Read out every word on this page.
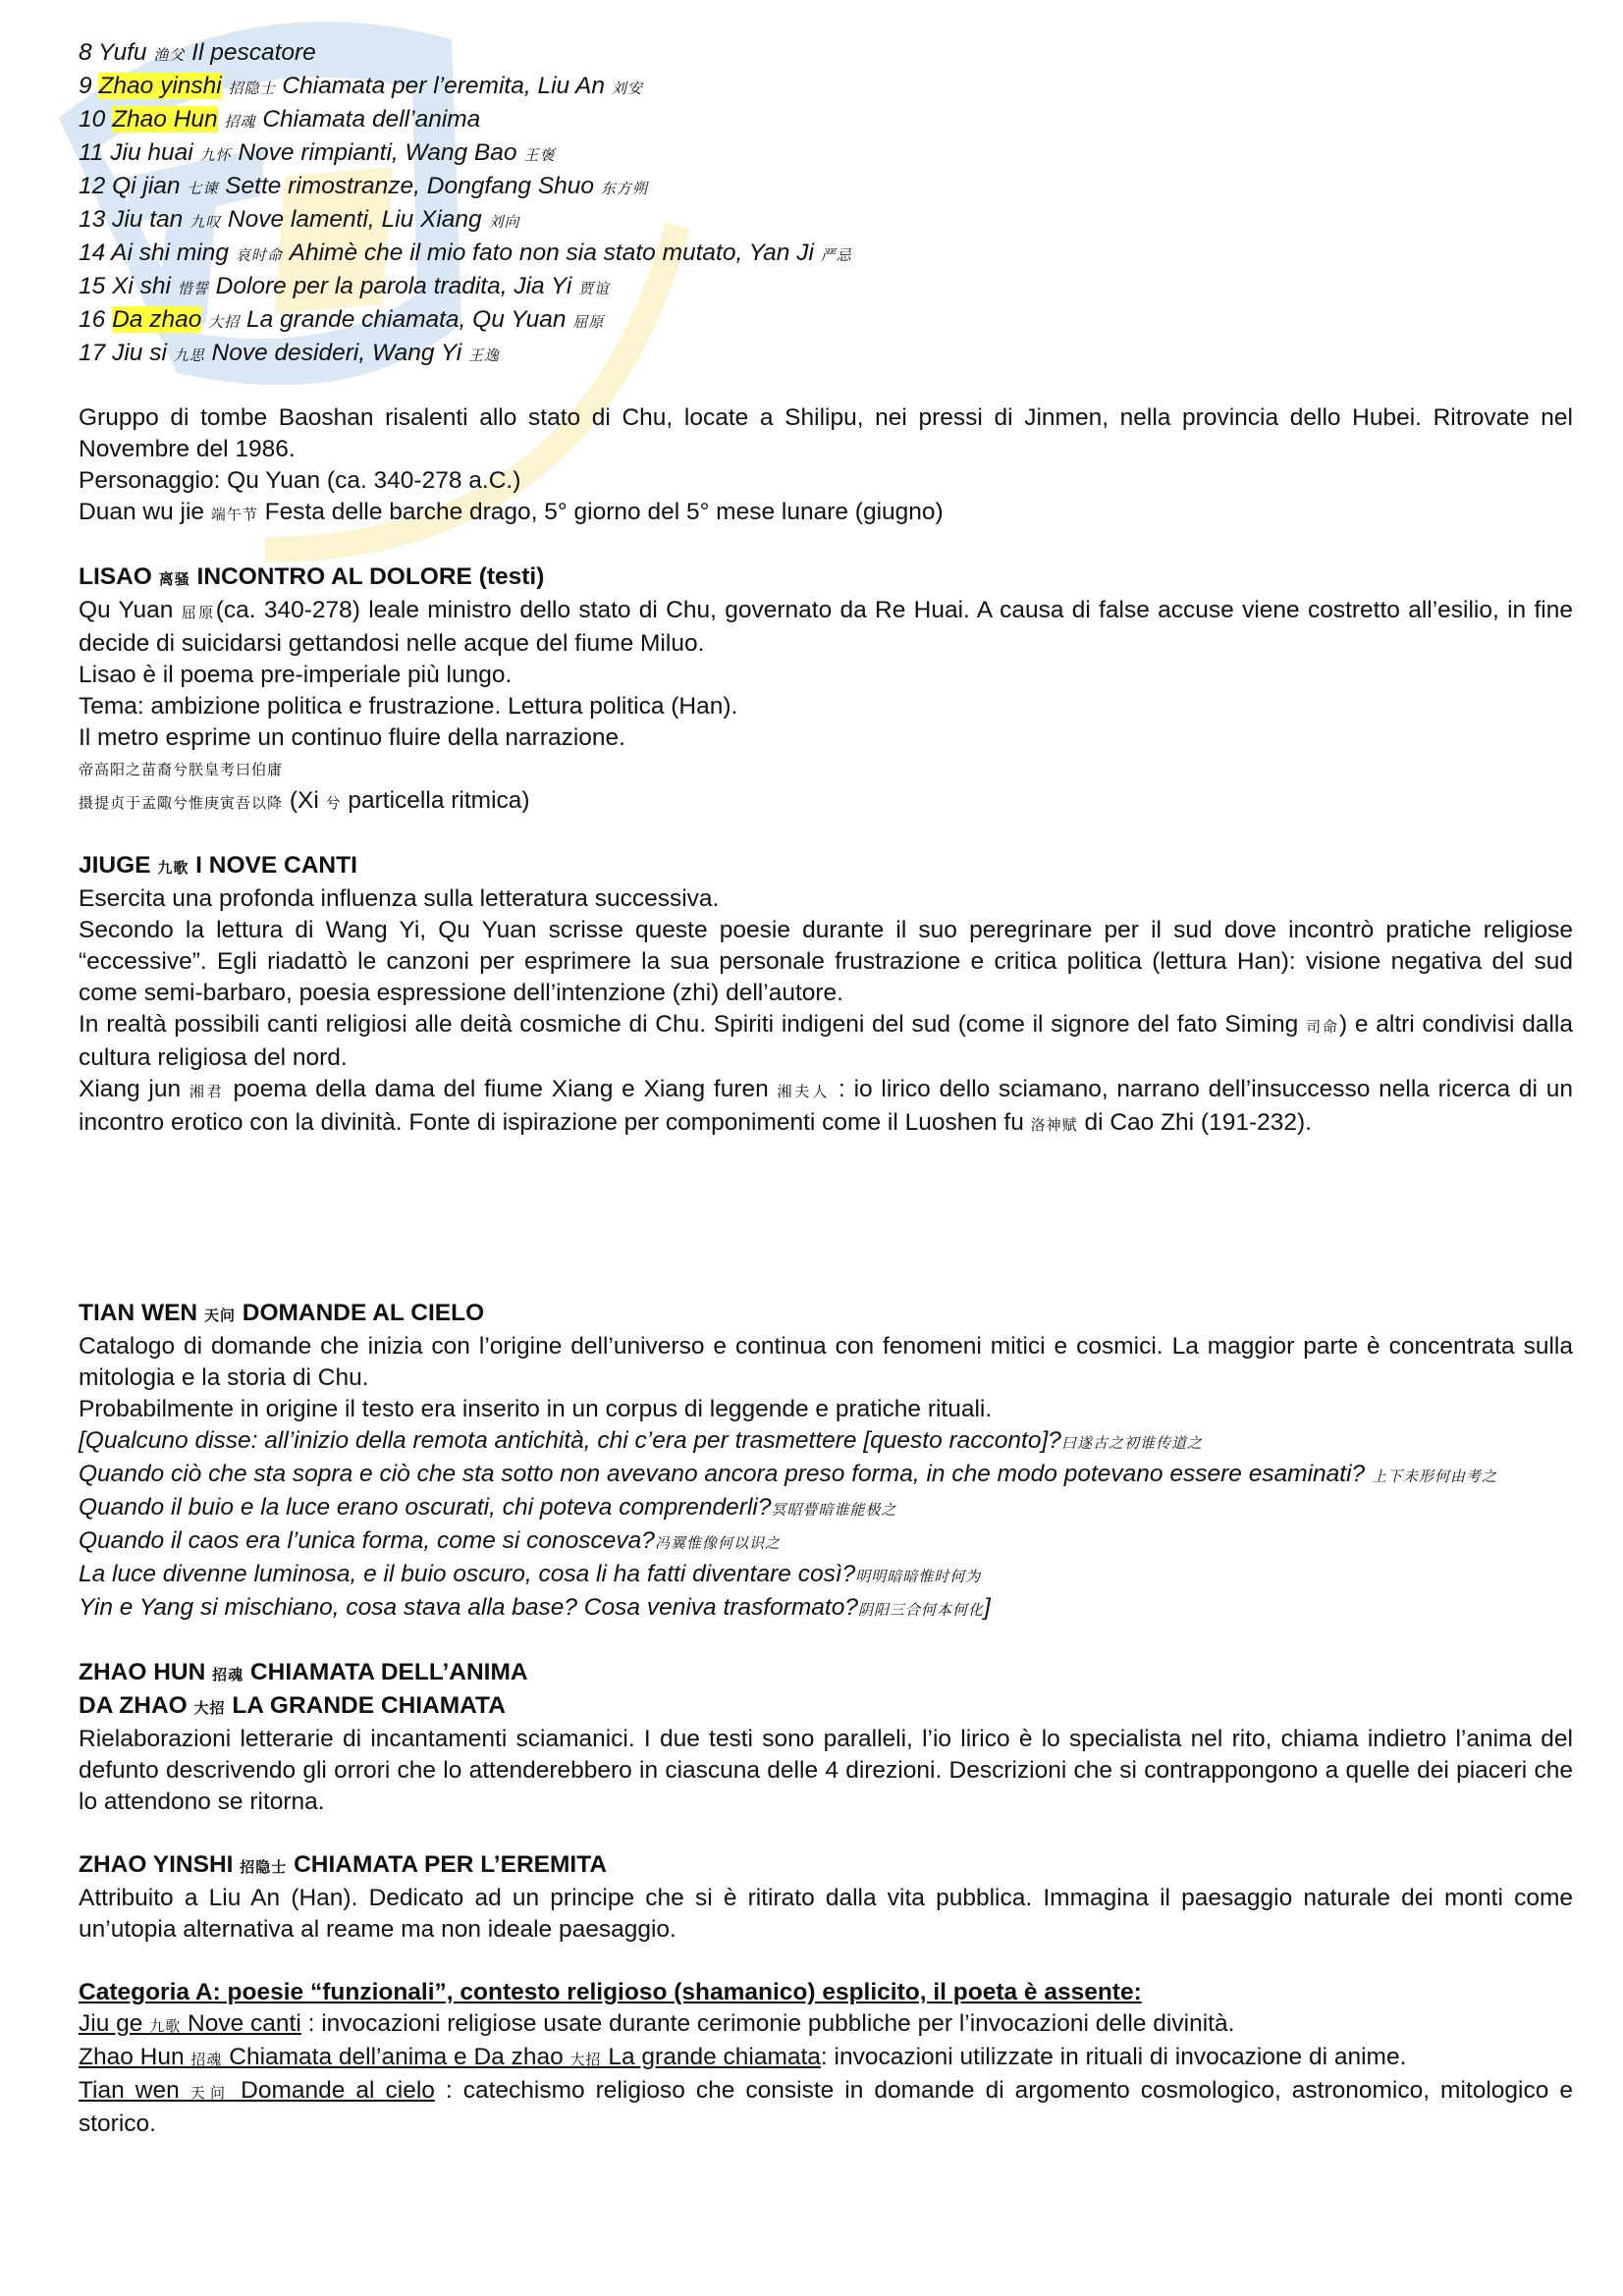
8 Yufu 渔父 Il pescatore
9 Zhao yinshi 招隐士 Chiamata per l’eremita, Liu An 刘安
10 Zhao Hun 招魂 Chiamata dell’anima
11 Jiu huai 九怀 Nove rimpianti, Wang Bao 王褒
12 Qi jian 七谏 Sette rimostranze, Dongfang Shuo 东方朔
13 Jiu tan 九叹 Nove lamenti, Liu Xiang 刘向
14 Ai shi ming 哀时命 Ahimè che il mio fato non sia stato mutato, Yan Ji 严忌
15 Xi shi 惜誓 Dolore per la parola tradita, Jia Yi 贾谊
16 Da zhao 大招 La grande chiamata, Qu Yuan 屈原
17 Jiu si 九思 Nove desideri, Wang Yi 王逸
Gruppo di tombe Baoshan risalenti allo stato di Chu, locate a Shilipu, nei pressi di Jinmen, nella provincia dello Hubei. Ritrovate nel Novembre del 1986.
Personaggio: Qu Yuan (ca. 340-278 a.C.)
Duan wu jie 端午节 Festa delle barche drago, 5° giorno del 5° mese lunare (giugno)
LISAO 离骚 INCONTRO AL DOLORE (testi)
Qu Yuan 屈原(ca. 340-278) leale ministro dello stato di Chu, governato da Re Huai. A causa di false accuse viene costretto all’esilio, in fine decide di suicidarsi gettandosi nelle acque del fiume Miluo.
Lisao è il poema pre-imperiale più lungo.
Tema: ambizione politica e frustrazione. Lettura politica (Han).
Il metro esprime un continuo fluire della narrazione.
帝高阳之苗裔兮朕皇考曰伯庸
摄提贞于孟陬兮惟庚寅吾以降 (Xi 兮 particella ritmica)
JIUGE 九歌 I NOVE CANTI
Esercita una profonda influenza sulla letteratura successiva.
Secondo la lettura di Wang Yi, Qu Yuan scrisse queste poesie durante il suo peregrinare per il sud dove incontrò pratiche religiose “eccessive”. Egli riadattò le canzoni per esprimere la sua personale frustrazione e critica politica (lettura Han): visione negativa del sud come semi-barbaro, poesia espressione dell’intenzione (zhi) dell’autore.
In realtà possibili canti religiosi alle deità cosmiche di Chu. Spiriti indigeni del sud (come il signore del fato Siming 司命) e altri condivisi dalla cultura religiosa del nord.
Xiang jun 湘君 poema della dama del fiume Xiang e Xiang furen 湘夫人 : io lirico dello sciamano, narrano dell’insuccesso nella ricerca di un incontro erotico con la divinità. Fonte di ispirazione per componimenti come il Luoshen fu 洛神赋 di Cao Zhi (191-232).
TIAN WEN 天问 DOMANDE AL CIELO
Catalogo di domande che inizia con l’origine dell’universo e continua con fenomeni mitici e cosmici. La maggior parte è concentrata sulla mitologia e la storia di Chu.
Probabilmente in origine il testo era inserito in un corpus di leggende e pratiche rituali.
[Qualcuno disse: all’inizio della remota antichità, chi c’era per trasmettere [questo racconto]?曰遂古之初谁传道之
Quando ciò che sta sopra e ciò che sta sotto non avevano ancora preso forma, in che modo potevano essere esaminati? 上下未形何由考之
Quando il buio e la luce erano oscurati, chi poteva comprenderli?冥昭瞢暗谁能极之
Quando il caos era l’unica forma, come si conosceva?冯翼惟像何以识之
La luce divenne luminosa, e il buio oscuro, cosa li ha fatti diventare così?明明暗暗惟时何为
Yin e Yang si mischiano, cosa stava alla base? Cosa veniva trasformato?阴阳三合何本何化]
ZHAO HUN 招魂 CHIAMATA DELL’ANIMA
DA ZHAO 大招 LA GRANDE CHIAMATA
Rielaborazioni letterarie di incantamenti sciamanici. I due testi sono paralleli, l’io lirico è lo specialista nel rito, chiama indietro l’anima del defunto descrivendo gli orrori che lo attenderebbero in ciascuna delle 4 direzioni. Descrizioni che si contrappongono a quelle dei piaceri che lo attendono se ritorna.
ZHAO YINSHI 招隐士 CHIAMATA PER L’EREMITA
Attribuito a Liu An (Han). Dedicato ad un principe che si è ritirato dalla vita pubblica. Immagina il paesaggio naturale dei monti come un’utopia alternativa al reame ma non ideale paesaggio.
Categoria A: poesie “funzionali”, contesto religioso (shamanico) esplicito, il poeta è assente:
Jiu ge 九歌 Nove canti : invocazioni religiose usate durante cerimonie pubbliche per l’invocazioni delle divinità.
Zhao Hun 招魂 Chiamata dell’anima e Da zhao 大招 La grande chiamata: invocazioni utilizzate in rituali di invocazione di anime.
Tian wen 天问 Domande al cielo : catechismo religioso che consiste in domande di argomento cosmologico, astronomico, mitologico e storico.
